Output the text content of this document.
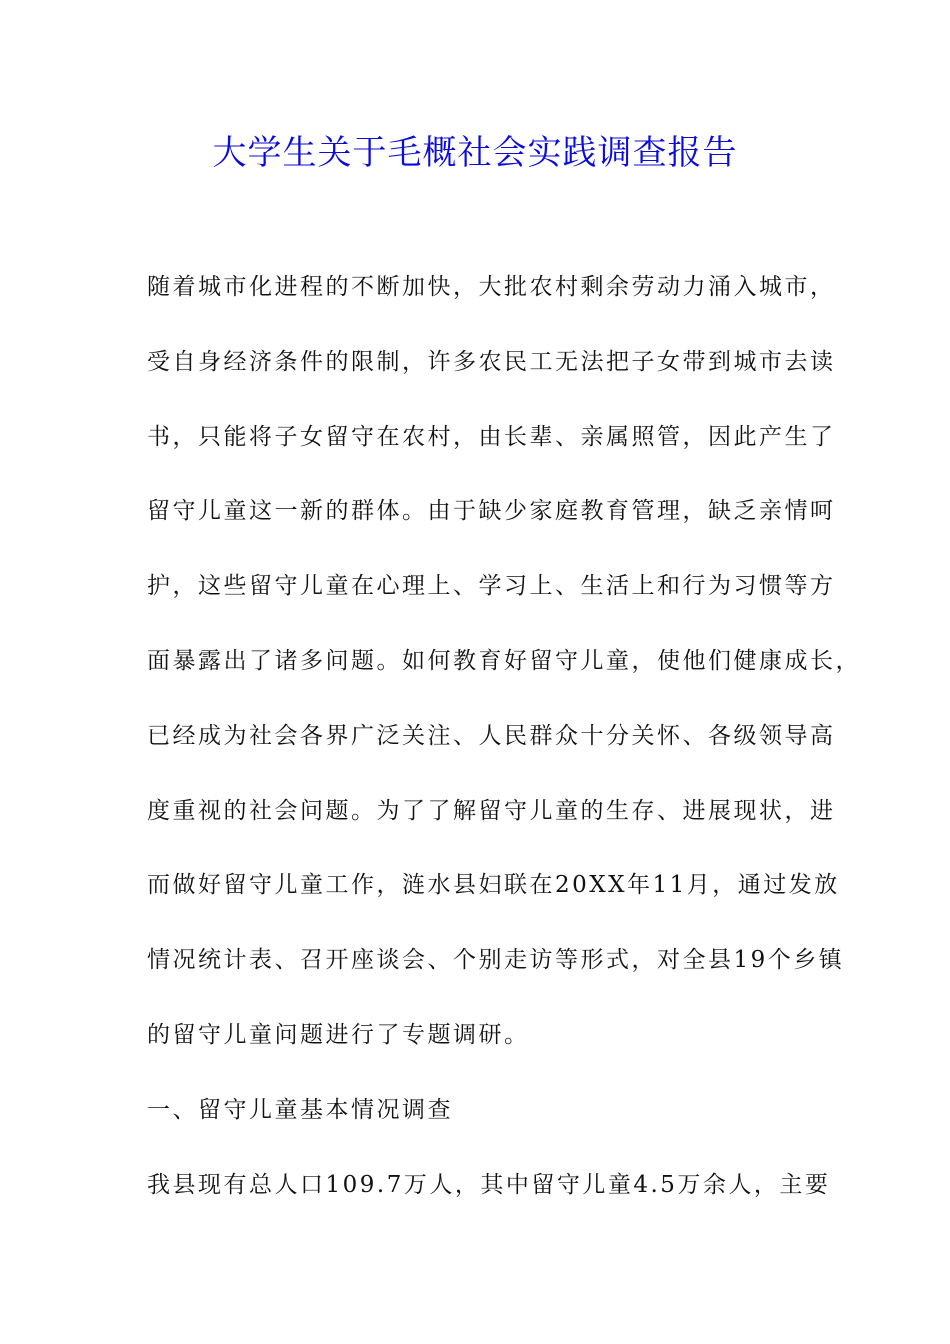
大学生关于毛概社会实践调查报告
随着城市化进程的不断加快，大批农村剩余劳动力涌入城市，
受自身经济条件的限制，许多农民工无法把子女带到城市去读
书，只能将子女留守在农村，由长辈、亲属照管，因此产生了
留守儿童这一新的群体。由于缺少家庭教育管理，缺乏亲情呵
护，这些留守儿童在心理上、学习上、生活上和行为习惯等方
面暴露出了诸多问题。如何教育好留守儿童，使他们健康成长，
已经成为社会各界广泛关注、人民群众十分关怀、各级领导高
度重视的社会问题。为了了解留守儿童的生存、进展现状，进
而做好留守儿童工作，涟水县妇联在20XX年11月，通过发放
情况统计表、召开座谈会、个别走访等形式，对全县19个乡镇
的留守儿童问题进行了专题调研。
一、留守儿童基本情况调查
我县现有总人口109.7万人，其中留守儿童4.5万余人，主要
